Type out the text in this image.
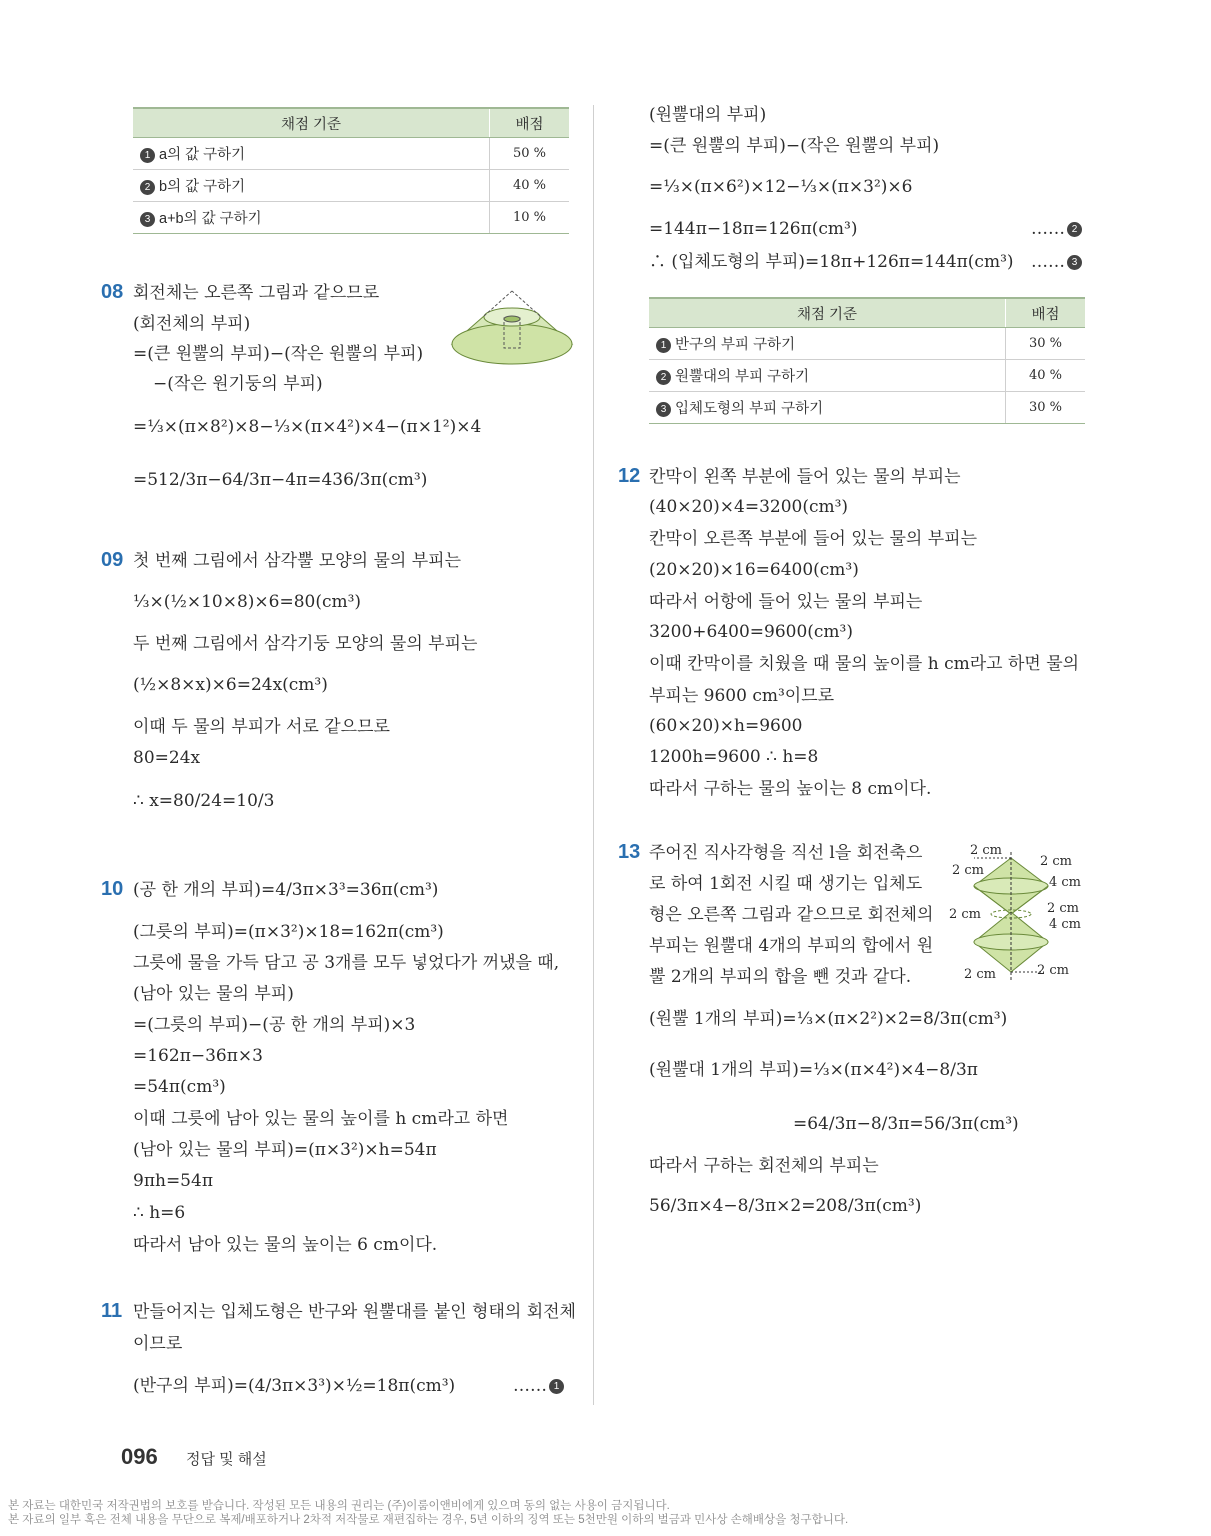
채점 기준	배점
1 a의 값 구하기	50 %
2 b의 값 구하기	40 %
3 a+b의 값 구하기	10 %
08 회전체는 오른쪽 그림과 같으므로
(회전체의 부피)
=(큰 원뿔의 부피)−(작은 원뿔의 부피)
−(작은 원기둥의 부피)
=⅓×(π×8²)×8−⅓×(π×4²)×4−(π×1²)×4
=512/3π−64/3π−4π=436/3π(cm³)
09 첫 번째 그림에서 삼각뿔 모양의 물의 부피는
⅓×(½×10×8)×6=80(cm³)
두 번째 그림에서 삼각기둥 모양의 물의 부피는
(½×8×x)×6=24x(cm³)
이때 두 물의 부피가 서로 같으므로
80=24x
∴ x=80/24=10/3
10 (공 한 개의 부피)=4/3π×3³=36π(cm³)
(그릇의 부피)=(π×3²)×18=162π(cm³)
그릇에 물을 가득 담고 공 3개를 모두 넣었다가 꺼냈을 때,
(남아 있는 물의 부피)
=(그릇의 부피)−(공 한 개의 부피)×3
=162π−36π×3
=54π(cm³)
이때 그릇에 남아 있는 물의 높이를 h cm라고 하면
(남아 있는 물의 부피)=(π×3²)×h=54π
9πh=54π
∴ h=6
따라서 남아 있는 물의 높이는 6 cm이다.
11 만들어지는 입체도형은 반구와 원뿔대를 붙인 형태의 회전체
이므로
(반구의 부피)=(4/3π×3³)×½=18π(cm³)	…… 1
(원뿔대의 부피)
=(큰 원뿔의 부피)−(작은 원뿔의 부피)
=⅓×(π×6²)×12−⅓×(π×3²)×6
=144π−18π=126π(cm³)	…… 2
∴ (입체도형의 부피)=18π+126π=144π(cm³) …… 3
채점 기준	배점
1 반구의 부피 구하기	30 %
2 원뿔대의 부피 구하기	40 %
3 입체도형의 부피 구하기	30 %
12 칸막이 왼쪽 부분에 들어 있는 물의 부피는
(40×20)×4=3200(cm³)
칸막이 오른쪽 부분에 들어 있는 물의 부피는
(20×20)×16=6400(cm³)
따라서 어항에 들어 있는 물의 부피는
3200+6400=9600(cm³)
이때 칸막이를 치웠을 때 물의 높이를 h cm라고 하면 물의
부피는 9600 cm³이므로
(60×20)×h=9600
1200h=9600 ∴ h=8
따라서 구하는 물의 높이는 8 cm이다.
13 주어진 직사각형을 직선 l을 회전축으
로 하여 1회전 시킬 때 생기는 입체도
형은 오른쪽 그림과 같으므로 회전체의
부피는 원뿔대 4개의 부피의 합에서 원
뿔 2개의 부피의 합을 뺀 것과 같다.
(원뿔 1개의 부피)=⅓×(π×2²)×2=8/3π(cm³)
(원뿔대 1개의 부피)=⅓×(π×4²)×4−8/3π
=64/3π−8/3π=56/3π(cm³)
따라서 구하는 회전체의 부피는
56/3π×4−8/3π×2=208/3π(cm³)
2 cm
2 cm
2 cm
4 cm
2 cm	2 cm
4 cm
2 cm	2 cm
096 정답 및 해설
본 자료는 대한민국 저작권법의 보호를 받습니다. 작성된 모든 내용의 권리는 (주)이룸이앤비에게 있으며 동의 없는 사용이 금지됩니다.
본 자료의 일부 혹은 전체 내용을 무단으로 복제/배포하거나 2차적 저작물로 재편집하는 경우, 5년 이하의 징역 또는 5천만원 이하의 벌금과 민사상 손해배상을 청구합니다.
